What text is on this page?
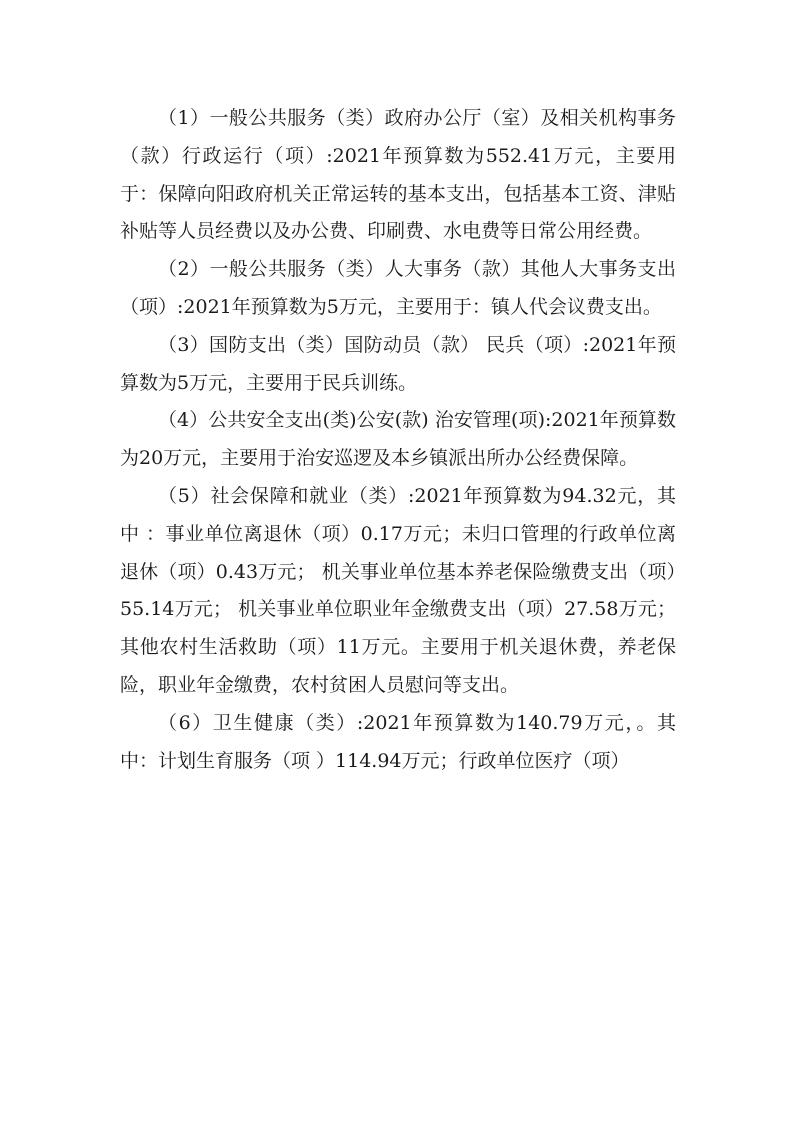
（1）一般公共服务（类）政府办公厅（室）及相关机构事务（款）行政运行（项）:2021年预算数为552.41万元，主要用于：保障向阳政府机关正常运转的基本支出，包括基本工资、津贴补贴等人员经费以及办公费、印刷费、水电费等日常公用经费。

（2）一般公共服务（类）人大事务（款）其他人大事务支出（项）:2021年预算数为5万元，主要用于：镇人代会议费支出。

（3）国防支出（类）国防动员（款） 民兵（项）:2021年预算数为5万元，主要用于民兵训练。

（4）公共安全支出(类)公安(款) 治安管理(项):2021年预算数为20万元，主要用于治安巡逻及本乡镇派出所办公经费保障。

（5）社会保障和就业（类）:2021年预算数为94.32元，其中 ：事业单位离退休（项）0.17万元；未归口管理的行政单位离退休（项）0.43万元； 机关事业单位基本养老保险缴费支出（项）55.14万元； 机关事业单位职业年金缴费支出（项）27.58万元； 其他农村生活救助（项）11万元。主要用于机关退休费，养老保险，职业年金缴费，农村贫困人员慰问等支出。

（6）卫生健康（类）:2021年预算数为140.79万元，。其中：计划生育服务（项 ）114.94万元；行政单位医疗（项）
